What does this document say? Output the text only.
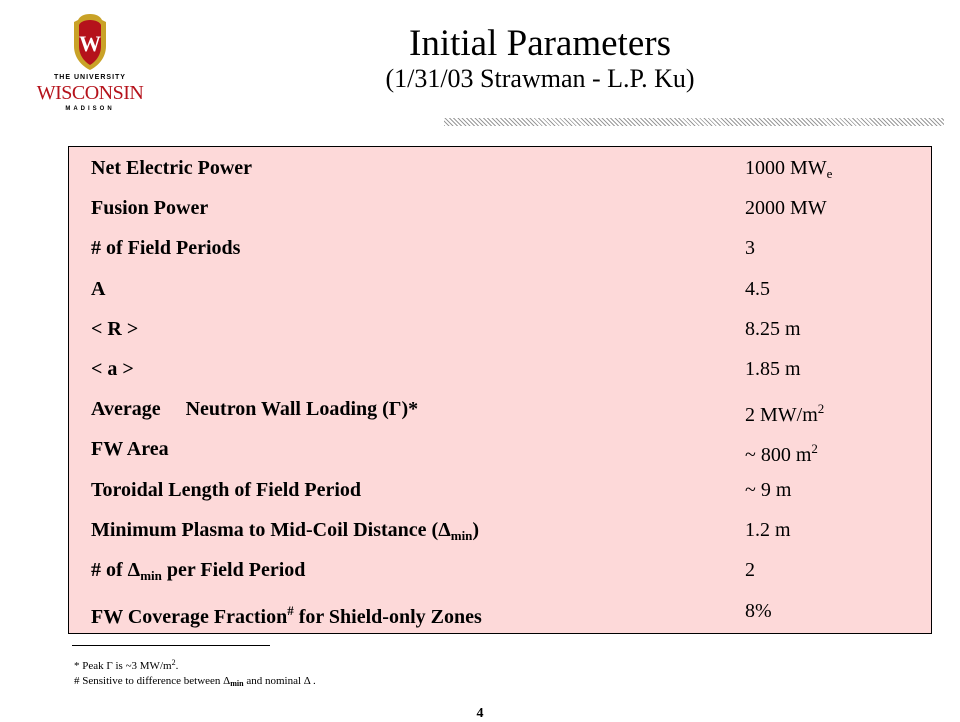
W
THE UNIVERSITY
WISCONSIN
MADISON
Initial Parameters
(1/31/03 Strawman - L.P. Ku)
Net Electric Power	1000 $MW_e$
Fusion Power	2000 MW
# of Field Periods	3
A	4.5
< R >	8.25 m
< a >	1.85 m
Average  Neutron Wall Loading (Γ)*	2 $MW/m^2$
FW Area	~ 800 $m^2$
Toroidal Length of Field Period	~ 9 m
Minimum Plasma to Mid-Coil Distance $(\Delta_{min})$	1.2 m
# of $\Delta_{min}$ per Field Period	2
FW Coverage Fraction# for Shield-only Zones	8%
* Peak Γ is ~3 $MW/m^2$.
# Sensitive to difference between Δmin and nominal Δ .
4
